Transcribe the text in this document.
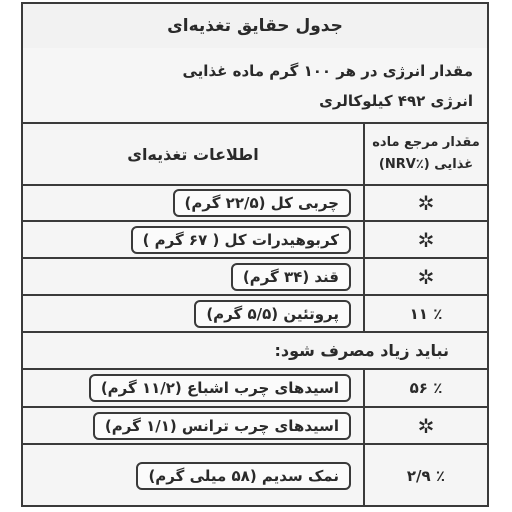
جدول حقایق تغذیه‌ای
مقدار انرژی در هر ۱۰۰ گرم ماده غذایی
انرژی ۴۹۲ کیلوکالری
مقدار مرجع ماده
غذایی (٪NRV)
اطلاعات تغذیه‌ای
✲
چربی کل (۲۲/۵ گرم)
✲
کربوهیدرات کل ( ۶۷ گرم )
✲
قند (۳۴ گرم)
٪ ۱۱
پروتئین (۵/۵ گرم)
نباید زیاد مصرف شود:
٪ ۵۶
اسیدهای چرب اشباع (۱۱/۲ گرم)
✲
اسیدهای چرب ترانس (۱/۱ گرم)
٪ ۲/۹
نمک سدیم (۵۸ میلی گرم)
